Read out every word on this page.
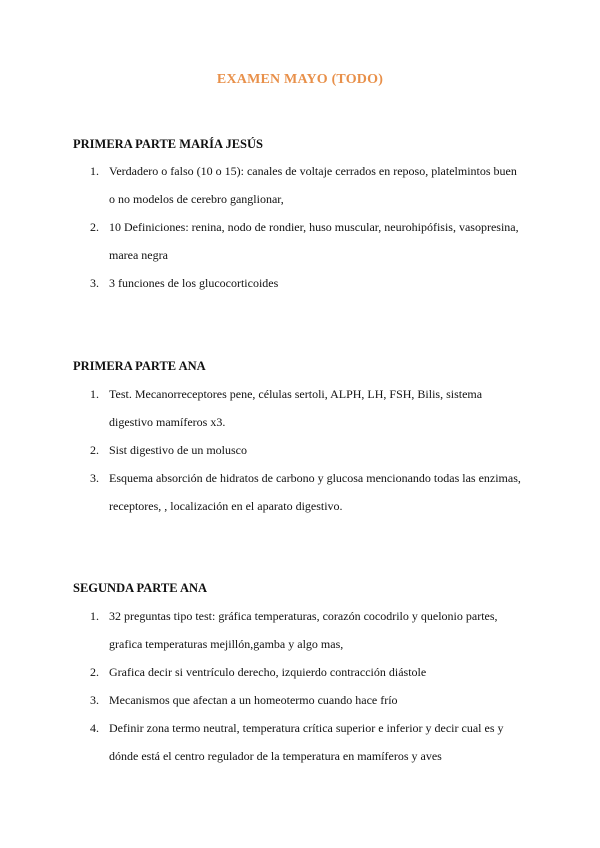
EXAMEN MAYO (TODO)
PRIMERA PARTE MARÍA JESÚS
1. Verdadero o falso (10 o 15): canales de voltaje cerrados en reposo, platelmintos buen
o no modelos de cerebro ganglionar,
2. 10 Definiciones: renina, nodo de rondier, huso muscular, neurohipófisis, vasopresina,
marea negra
3. 3 funciones de los glucocorticoides
PRIMERA PARTE ANA
1. Test. Mecanorreceptores pene, células sertoli, ALPH, LH, FSH, Bilis, sistema
digestivo mamíferos x3.
2. Sist digestivo de un molusco
3. Esquema absorción de hidratos de carbono y glucosa mencionando todas las enzimas,
receptores, , localización en el aparato digestivo.
SEGUNDA PARTE ANA
1. 32 preguntas tipo test: gráfica temperaturas, corazón cocodrilo y quelonio partes,
grafica temperaturas mejillón,gamba y algo mas,
2. Grafica decir si ventrículo derecho, izquierdo contracción diástole
3. Mecanismos que afectan a un homeotermo cuando hace frío
4. Definir zona termo neutral, temperatura crítica superior e inferior y decir cual es y
dónde está el centro regulador de la temperatura en mamíferos y aves
